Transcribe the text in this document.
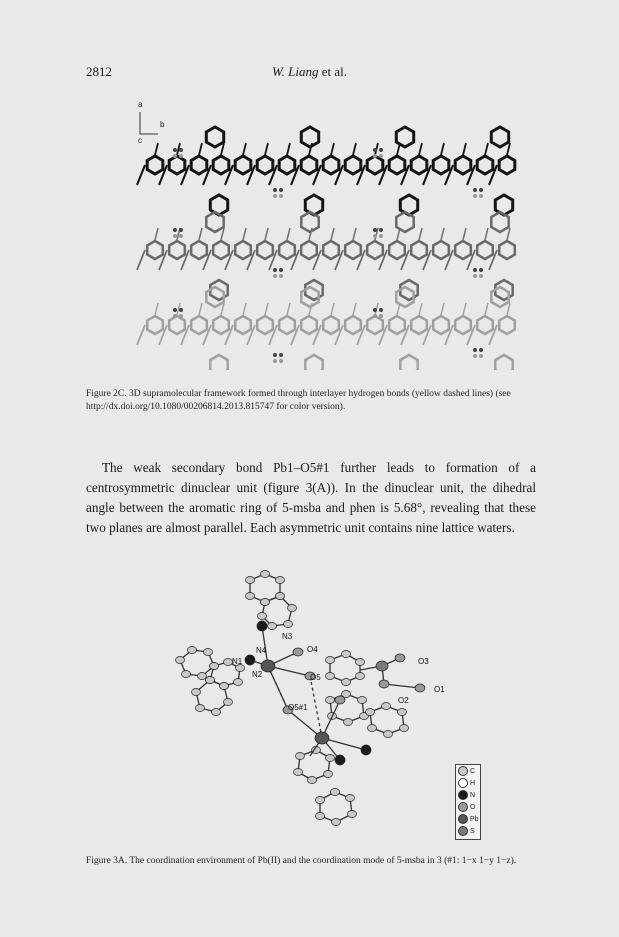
2812	W. Liang et al.
a
b
c
Figure 2C. 3D supramolecular framework formed through interlayer hydrogen bonds (yellow dashed lines) (see http://dx.doi.org/10.1080/00206814.2013.815747 for color version).
The weak secondary bond Pb1–O5#1 further leads to formation of a centrosymmetric dinuclear unit (figure 3(A)). In the dinuclear unit, the dihedral angle between the aromatic ring of 5-msba and phen is 5.68°, revealing that these two planes are almost parallel. Each asymmetric unit contains nine lattice waters.
N3
N4
N1
N2
O4
O5
O5#1
O3
O1
O2
C
H
N
O
Pb
S
Figure 3A. The coordination environment of Pb(II) and the coordination mode of 5-msba in 3 (#1: 1−x 1−y 1−z).
